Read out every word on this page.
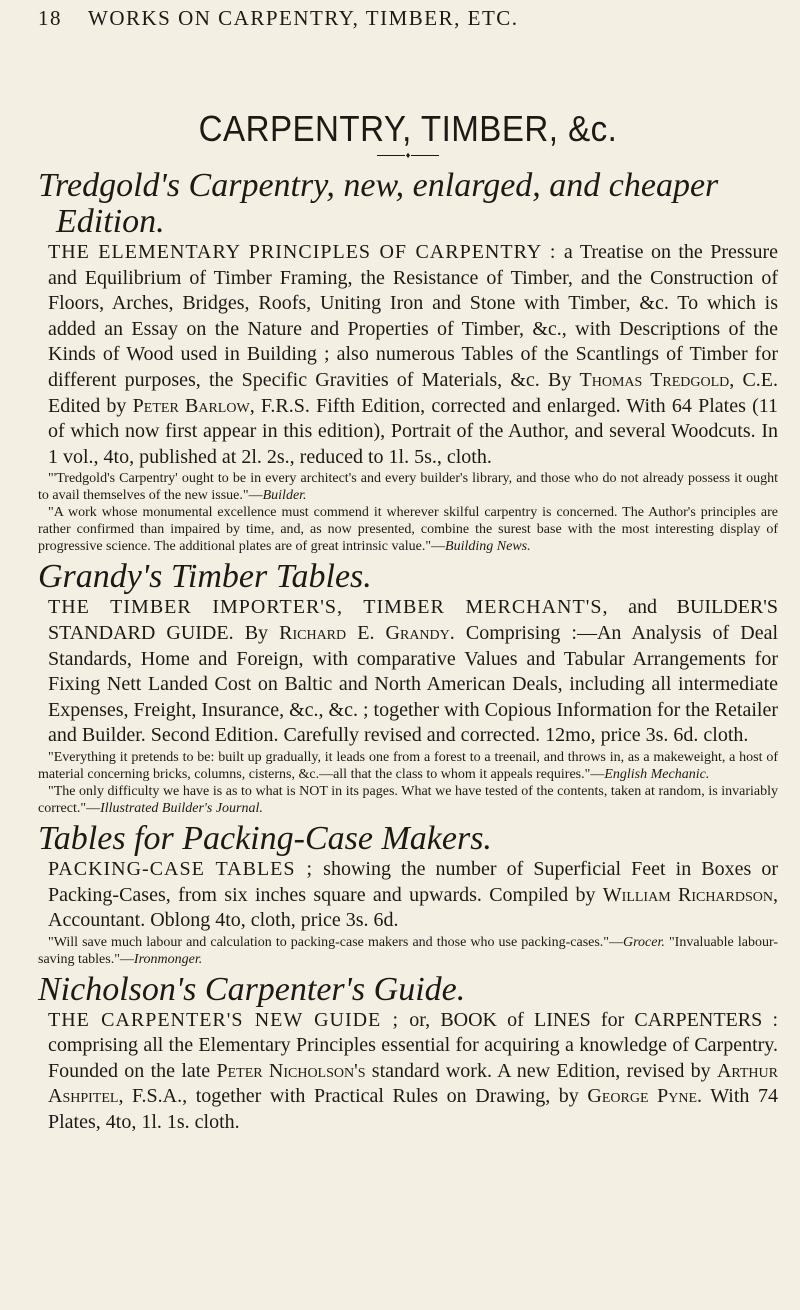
18	WORKS ON CARPENTRY, TIMBER, ETC.
CARPENTRY, TIMBER, &c.
♦
Tredgold's Carpentry, new, enlarged, and cheaper
Edition.

THE ELEMENTARY PRINCIPLES OF CARPENTRY : a Treatise on the Pressure and Equilibrium of Timber Framing, the Resistance of Timber, and the Construction of Floors, Arches, Bridges, Roofs, Uniting Iron and Stone with Timber, &c. To which is added an Essay on the Nature and Properties of Timber, &c., with Descriptions of the Kinds of Wood used in Building ; also numerous Tables of the Scantlings of Timber for different purposes, the Specific Gravities of Materials, &c. By Thomas Tredgold, C.E. Edited by Peter Barlow, F.R.S. Fifth Edition, corrected and enlarged. With 64 Plates (11 of which now first appear in this edition), Portrait of the Author, and several Woodcuts. In 1 vol., 4to, published at 2l. 2s., reduced to 1l. 5s., cloth.

"'Tredgold's Carpentry' ought to be in every architect's and every builder's library, and those who do not already possess it ought to avail themselves of the new issue."—Builder.

"A work whose monumental excellence must commend it wherever skilful carpentry is concerned. The Author's principles are rather confirmed than impaired by time, and, as now presented, combine the surest base with the most interesting display of progressive science. The additional plates are of great intrinsic value."—Building News.

Grandy's Timber Tables.

THE TIMBER IMPORTER'S, TIMBER MERCHANT'S, and BUILDER'S STANDARD GUIDE. By Richard E. Grandy. Comprising :—An Analysis of Deal Standards, Home and Foreign, with comparative Values and Tabular Arrangements for Fixing Nett Landed Cost on Baltic and North American Deals, including all intermediate Expenses, Freight, Insurance, &c., &c. ; together with Copious Information for the Retailer and Builder. Second Edition. Carefully revised and corrected. 12mo, price 3s. 6d. cloth.

"Everything it pretends to be: built up gradually, it leads one from a forest to a treenail, and throws in, as a makeweight, a host of material concerning bricks, columns, cisterns, &c.—all that the class to whom it appeals requires."—English Mechanic.

"The only difficulty we have is as to what is NOT in its pages. What we have tested of the contents, taken at random, is invariably correct."—Illustrated Builder's Journal.

Tables for Packing-Case Makers.

PACKING-CASE TABLES ; showing the number of Superficial Feet in Boxes or Packing-Cases, from six inches square and upwards. Compiled by William Richardson, Accountant. Oblong 4to, cloth, price 3s. 6d.

"Will save much labour and calculation to packing-case makers and those who use packing-cases."—Grocer. "Invaluable labour-saving tables."—Ironmonger.

Nicholson's Carpenter's Guide.

THE CARPENTER'S NEW GUIDE ; or, BOOK of LINES for CARPENTERS : comprising all the Elementary Principles essential for acquiring a knowledge of Carpentry. Founded on the late Peter Nicholson's standard work. A new Edition, revised by Arthur Ashpitel, F.S.A., together with Practical Rules on Drawing, by George Pyne. With 74 Plates, 4to, 1l. 1s. cloth.
